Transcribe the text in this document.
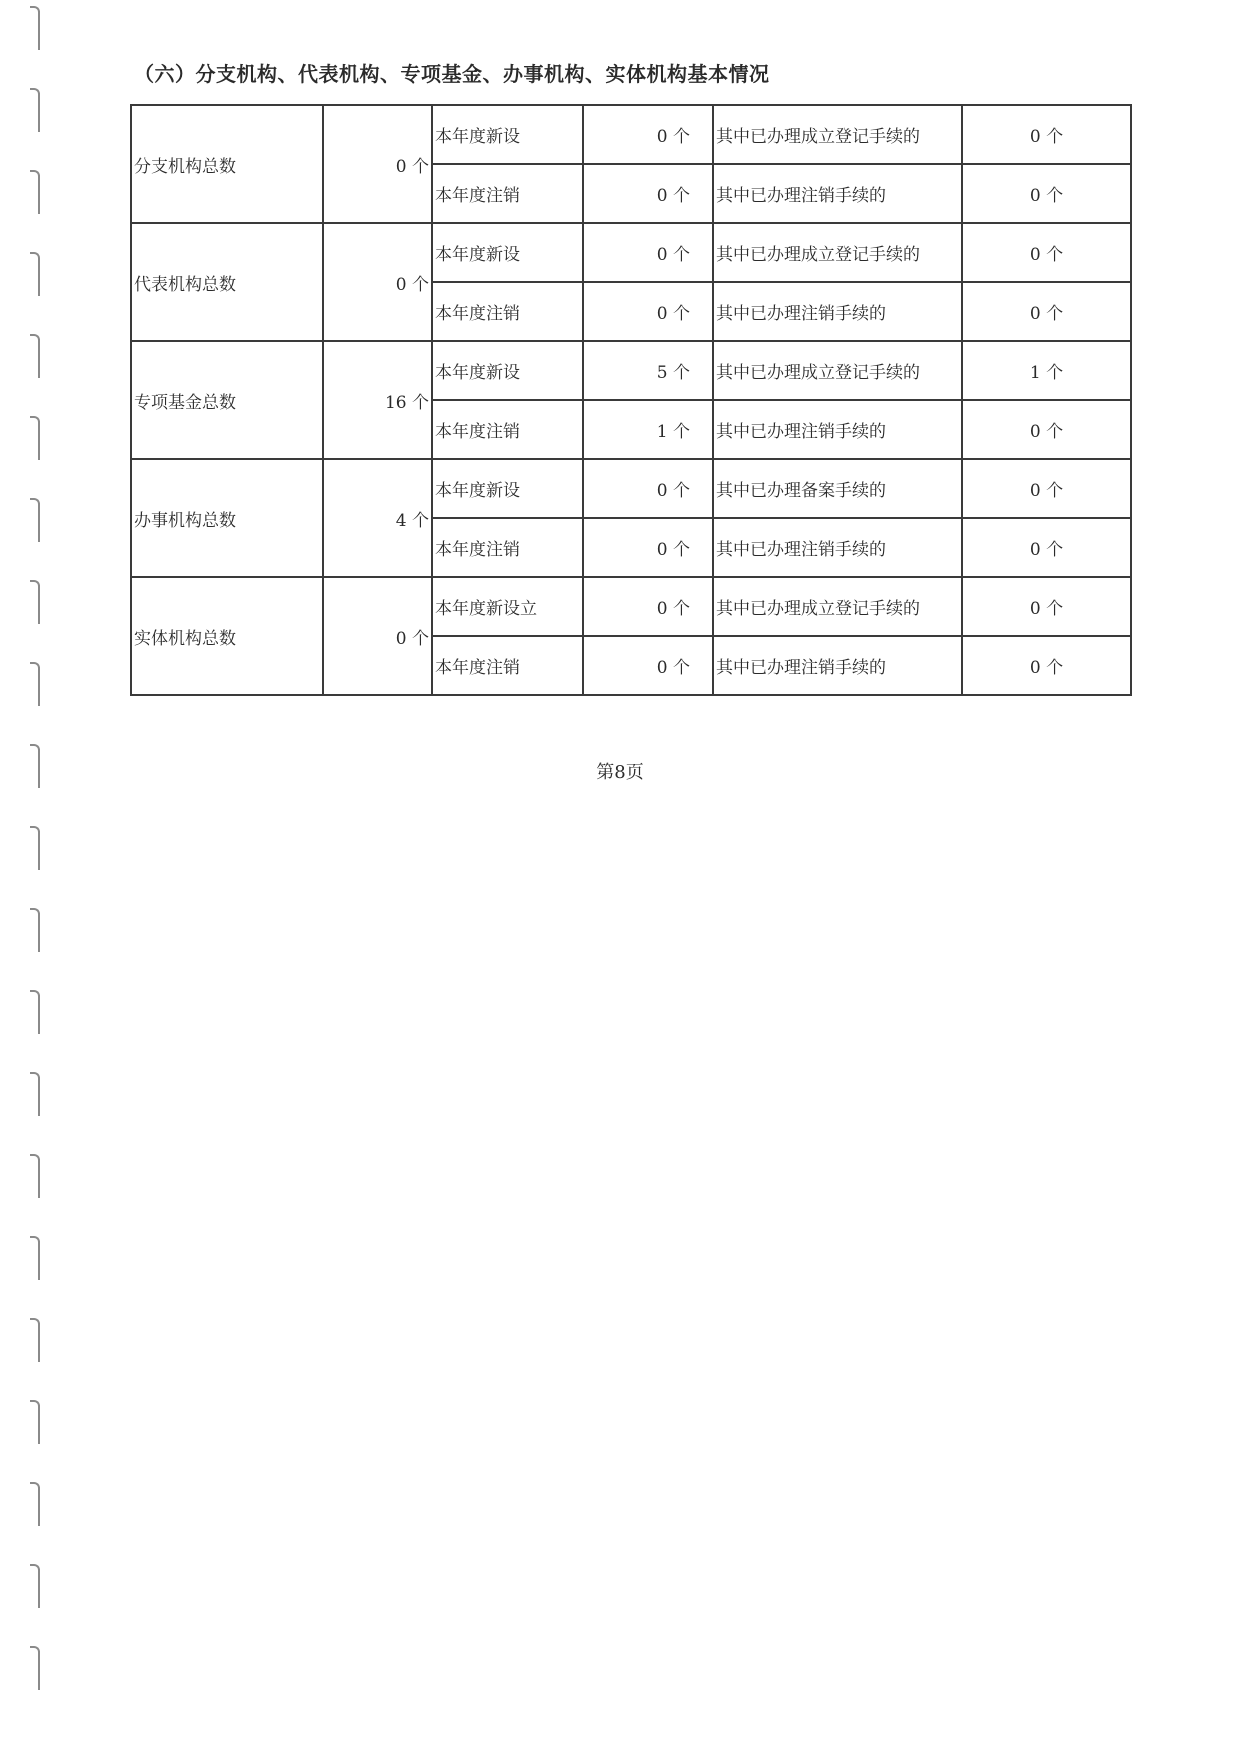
（六）分支机构、代表机构、专项基金、办事机构、实体机构基本情况
分支机构总数	0 个	本年度新设	0 个	其中已办理成立登记手续的	0 个
		本年度注销	0 个	其中已办理注销手续的	0 个
代表机构总数	0 个	本年度新设	0 个	其中已办理成立登记手续的	0 个
		本年度注销	0 个	其中已办理注销手续的	0 个
专项基金总数	16 个	本年度新设	5 个	其中已办理成立登记手续的	1 个
		本年度注销	1 个	其中已办理注销手续的	0 个
办事机构总数	4 个	本年度新设	0 个	其中已办理备案手续的	0 个
		本年度注销	0 个	其中已办理注销手续的	0 个
实体机构总数	0 个	本年度新设立	0 个	其中已办理成立登记手续的	0 个
		本年度注销	0 个	其中已办理注销手续的	0 个

第8页
